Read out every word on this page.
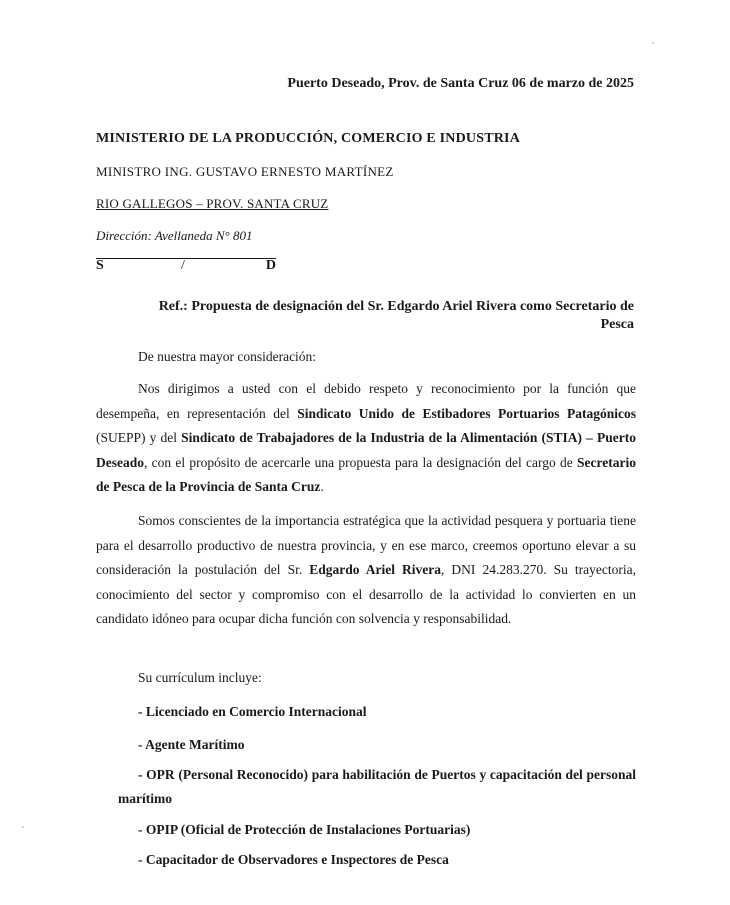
Puerto Deseado, Prov. de Santa Cruz 06 de marzo de 2025

MINISTERIO DE LA PRODUCCIÓN, COMERCIO E INDUSTRIA

MINISTRO ING. GUSTAVO ERNESTO MARTÍNEZ

RIO GALLEGOS – PROV. SANTA CRUZ

Dirección: Avellaneda N° 801

S	/	D

Ref.: Propuesta de designación del Sr. Edgardo Ariel Rivera como Secretario de Pesca

De nuestra mayor consideración:

Nos dirigimos a usted con el debido respeto y reconocimiento por la función que desempeña, en representación del Sindicato Unido de Estibadores Portuarios Patagónicos (SUEPP) y del Sindicato de Trabajadores de la Industria de la Alimentación (STIA) – Puerto Deseado, con el propósito de acercarle una propuesta para la designación del cargo de Secretario de Pesca de la Provincia de Santa Cruz.

Somos conscientes de la importancia estratégica que la actividad pesquera y portuaria tiene para el desarrollo productivo de nuestra provincia, y en ese marco, creemos oportuno elevar a su consideración la postulación del Sr. Edgardo Ariel Rivera, DNI 24.283.270. Su trayectoria, conocimiento del sector y compromiso con el desarrollo de la actividad lo convierten en un candidato idóneo para ocupar dicha función con solvencia y responsabilidad.

Su currículum incluye:

- Licenciado en Comercio Internacional

- Agente Marítimo

- OPR (Personal Reconocido) para habilitación de Puertos y capacitación del personal marítimo

- OPIP (Oficial de Protección de Instalaciones Portuarias)

- Capacitador de Observadores e Inspectores de Pesca
